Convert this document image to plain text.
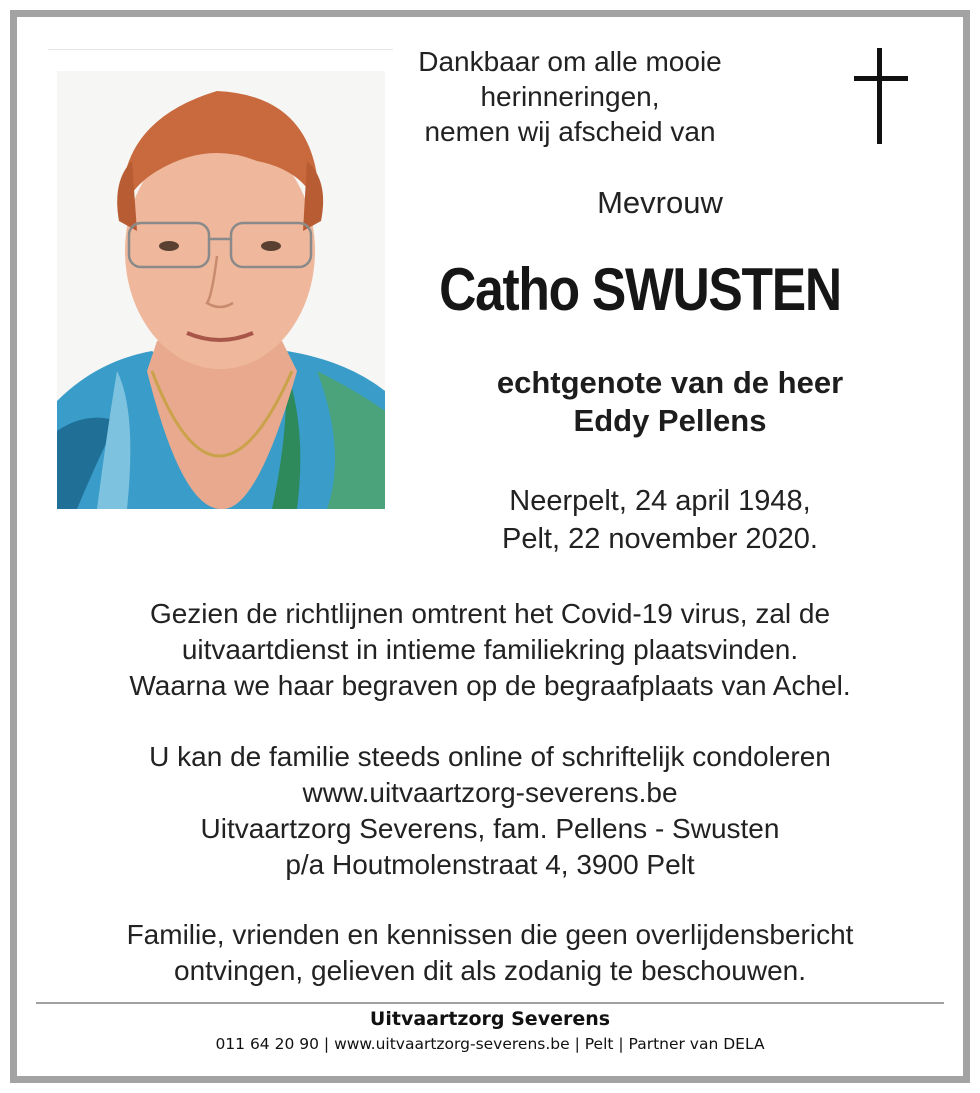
Dankbaar om alle mooie
herinneringen,
nemen wij afscheid van
Mevrouw
Catho SWUSTEN
echtgenote van de heer
Eddy Pellens
Neerpelt, 24 april 1948,
Pelt, 22 november 2020.

Gezien de richtlijnen omtrent het Covid-19 virus, zal de

uitvaartdienst in intieme familiekring plaatsvinden.

Waarna we haar begraven op de begraafplaats van Achel.

U kan de familie steeds online of schriftelijk condoleren

www.uitvaartzorg-severens.be

Uitvaartzorg Severens, fam. Pellens - Swusten

p/a Houtmolenstraat 4, 3900 Pelt

Familie, vrienden en kennissen die geen overlijdensbericht

ontvingen, gelieven dit als zodanig te beschouwen.

Uitvaartzorg Severens
011 64 20 90 | www.uitvaartzorg-severens.be | Pelt | Partner van DELA
